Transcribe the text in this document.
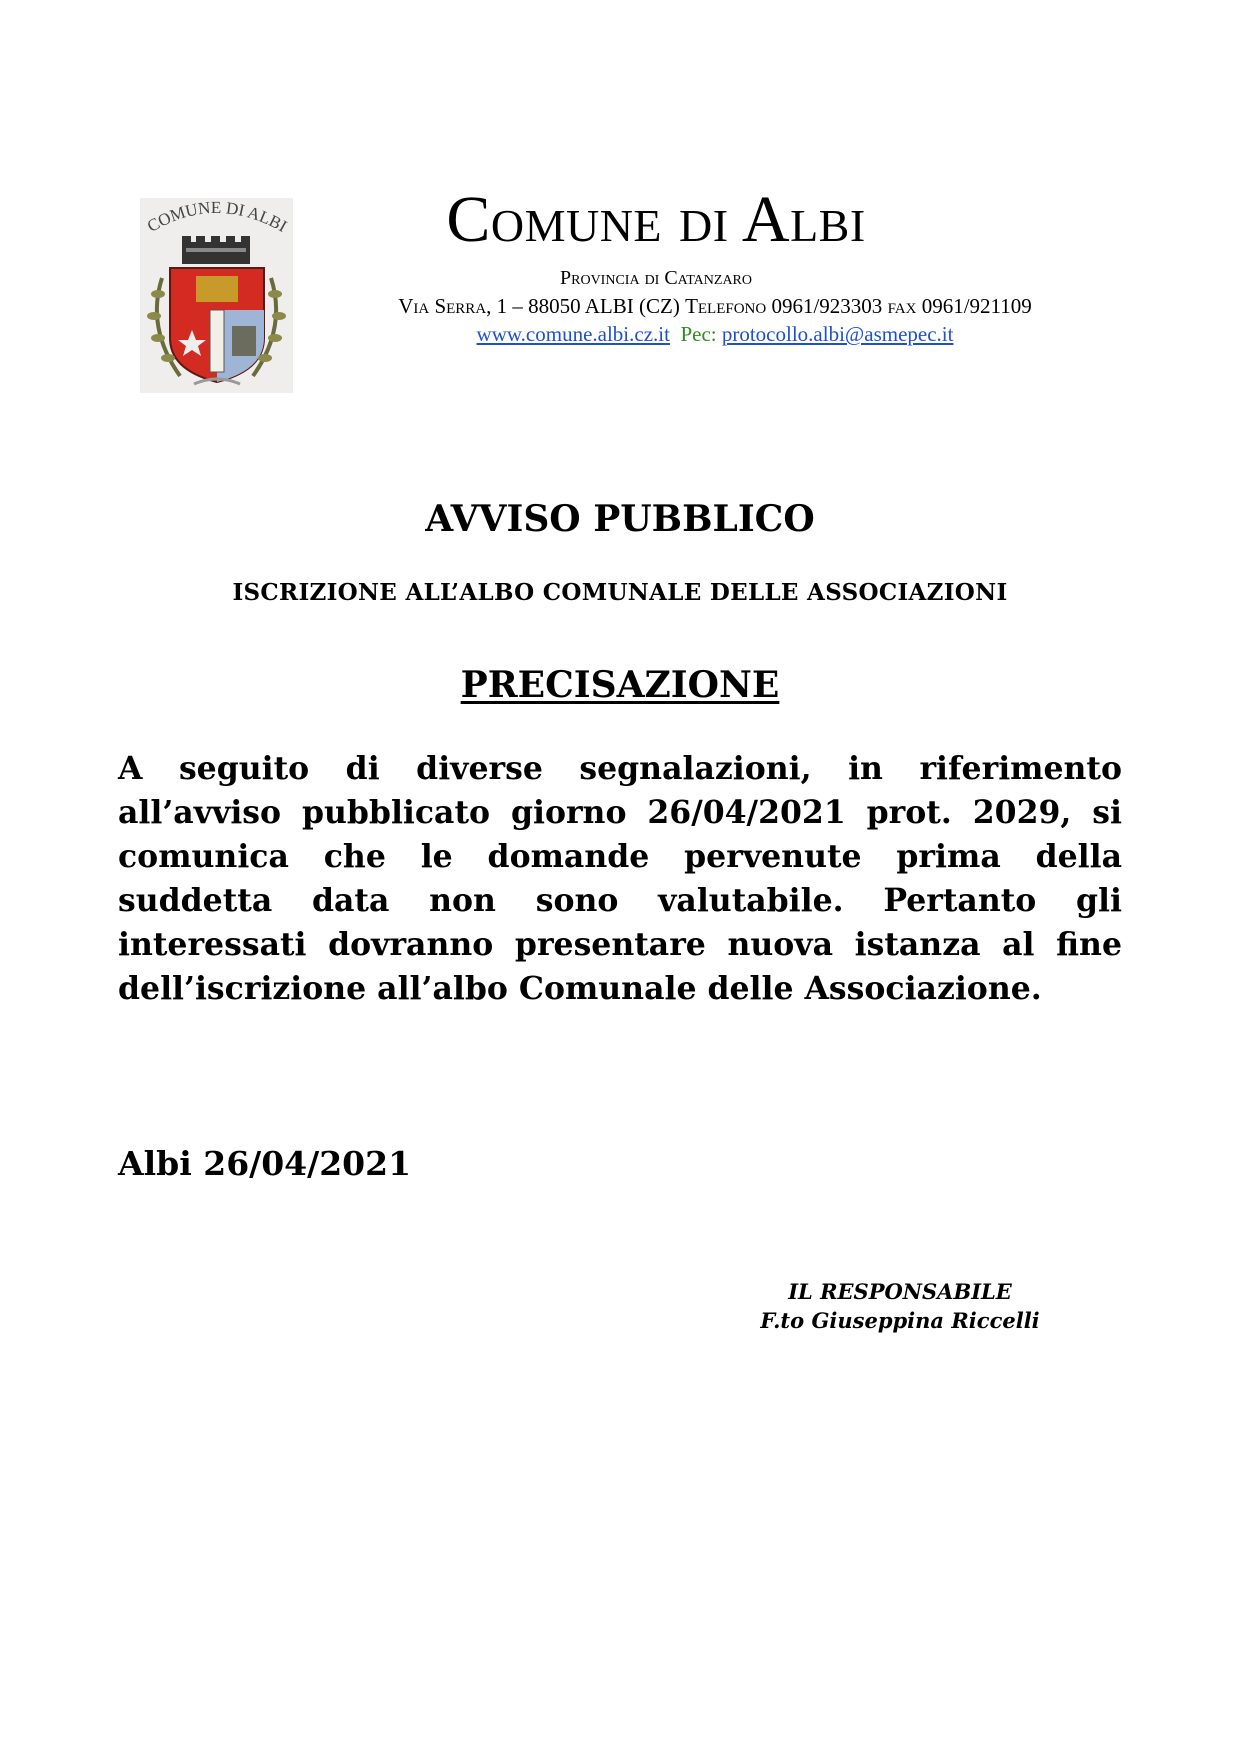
COMUNE DI ALBI	Comune di Albi
Provincia di Catanzaro
Via Serra, 1 – 88050 ALBI (CZ) Telefono 0961/923303 fax 0961/921109
www.comune.albi.cz.it Pec: protocollo.albi@asmepec.it
AVVISO PUBBLICO
ISCRIZIONE ALL’ALBO COMUNALE DELLE ASSOCIAZIONI
PRECISAZIONE

A seguito di diverse segnalazioni, in riferimento all’avviso pubblicato giorno 26/04/2021 prot. 2029, si comunica che le domande pervenute prima della suddetta data non sono valutabile. Pertanto gli interessati dovranno presentare nuova istanza al fine dell’iscrizione all’albo Comunale delle Associazione.

Albi 26/04/2021
IL RESPONSABILE
F.to Giuseppina Riccelli
